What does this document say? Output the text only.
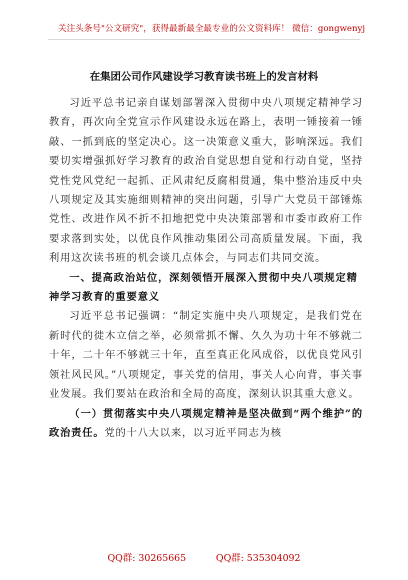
关注头条号"公文研究"，获得最新最全最专业的公文资料库！ 微信：gongwenyj
在集团公司作风建设学习教育读书班上的发言材料

习近平总书记亲自谋划部署深入贯彻中央八项规定精神学习教育，再次向全党宣示作风建设永远在路上，表明一锤接着一锤敲、一抓到底的坚定决心。这一决策意义重大，影响深远。我们要切实增强抓好学习教育的政治自觉思想自觉和行动自觉，坚持党性党风党纪一起抓、正风肃纪反腐相贯通，集中整治违反中央八项规定及其实施细则精神的突出问题，引导广大党员干部锤炼党性、改进作风不折不扣地把党中央决策部署和市委市政府工作要求落到实处，以优良作风推动集团公司高质量发展。下面，我利用这次读书班的机会谈几点体会，与同志们共同交流。

一、提高政治站位，深刻领悟开展深入贯彻中央八项规定精神学习教育的重要意义

习近平总书记强调：“制定实施中央八项规定，是我们党在新时代的徙木立信之举，必须常抓不懈、久久为功十年不够就二十年，二十年不够就三十年，直至真正化风成俗，以优良党风引领社风民风。”八项规定，事关党的信用，事关人心向背，事关事业发展。我们要站在政治和全局的高度，深刻认识其重大意义。

（一）贯彻落实中央八项规定精神是坚决做到“两个维护”的政治责任。党的十八大以来，以习近平同志为核

QQ群: 30265665          QQ群: 535304092
